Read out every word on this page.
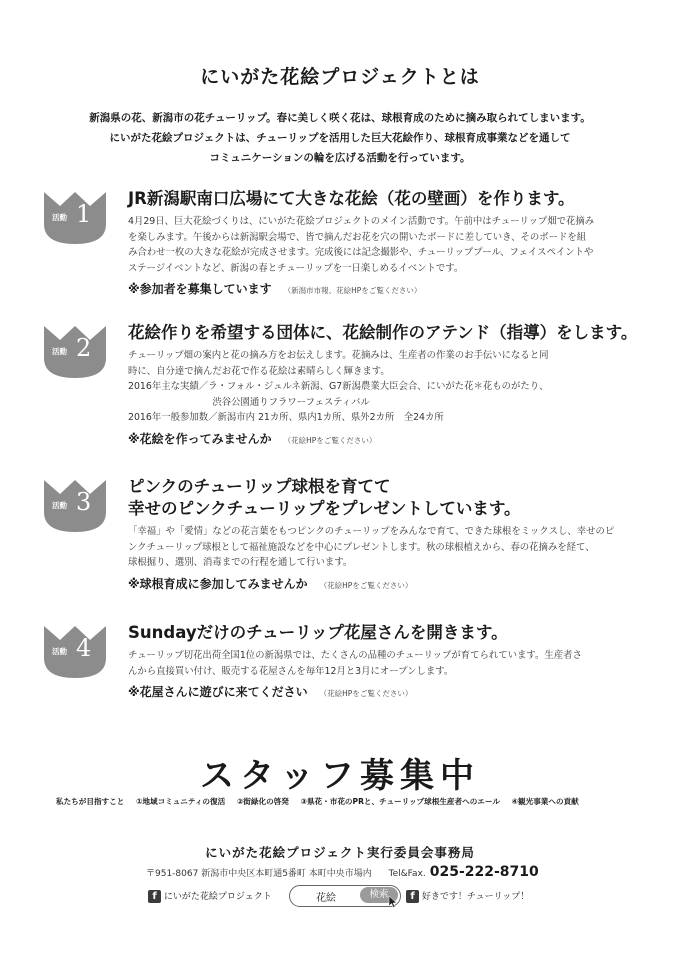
にいがた花絵プロジェクトとは
新潟県の花、新潟市の花チューリップ。春に美しく咲く花は、球根育成のために摘み取られてしまいます。
にいがた花絵プロジェクトは、チューリップを活用した巨大花絵作り、球根育成事業などを通して
コミュニケーションの輪を広げる活動を行っています。
活動 1
JR新潟駅南口広場にて大きな花絵（花の壁画）を作ります。
4月29日、巨大花絵づくりは、にいがた花絵プロジェクトのメイン活動です。午前中はチューリップ畑で花摘み
を楽しみます。午後からは新潟駅会場で、皆で摘んだお花を穴の開いたボードに差していき、そのボードを組
み合わせ一枚の大きな花絵が完成させます。完成後には記念撮影や、チューリッププール、フェイスペイントや
ステージイベントなど、新潟の春とチューリップを一日楽しめるイベントです。
※参加者を募集しています （新潟市市報、花絵HPをご覧ください）
活動 2
花絵作りを希望する団体に、花絵制作のアテンド（指導）をします。
チューリップ畑の案内と花の摘み方をお伝えします。花摘みは、生産者の作業のお手伝いになると同
時に、自分達で摘んだお花で作る花絵は素晴らしく輝きます。
2016年主な実績／ラ・フォル・ジュルネ新潟、G7新潟農業大臣会合、にいがた花＊花ものがたり、
　　　　　　　　　渋谷公園通りフラワーフェスティバル
2016年一般参加数／新潟市内 21カ所、県内1カ所、県外2カ所　全24カ所
※花絵を作ってみませんか （花絵HPをご覧ください）
活動 3
ピンクのチューリップ球根を育てて
幸せのピンクチューリップをプレゼントしています。
「幸福」や「愛情」などの花言葉をもつピンクのチューリップをみんなで育て、できた球根をミックスし、幸せのピ
ンクチューリップ球根として福祉施設などを中心にプレゼントします。秋の球根植えから、春の花摘みを経て、
球根掘り、選別、消毒までの行程を通して行います。
※球根育成に参加してみませんか （花絵HPをご覧ください）
活動 4
Sundayだけのチューリップ花屋さんを開きます。
チューリップ切花出荷全国1位の新潟県では、たくさんの品種のチューリップが育てられています。生産者さ
んから直接買い付け、販売する花屋さんを毎年12月と3月にオープンします。
※花屋さんに遊びに来てください （花絵HPをご覧ください）
スタッフ募集中
私たちが目指すこと ①地域コミュニティの復活 ②街緑化の啓発 ③県花・市花のPRと、チューリップ球根生産者へのエール ④観光事業への貢献
にいがた花絵プロジェクト実行委員会事務局
〒951-8067 新潟市中央区本町通5番町 本町中央市場内 Tel&Fax. 025-222-8710
f にいがた花絵プロジェクト	花絵	検索	f 好きです！チューリップ！
